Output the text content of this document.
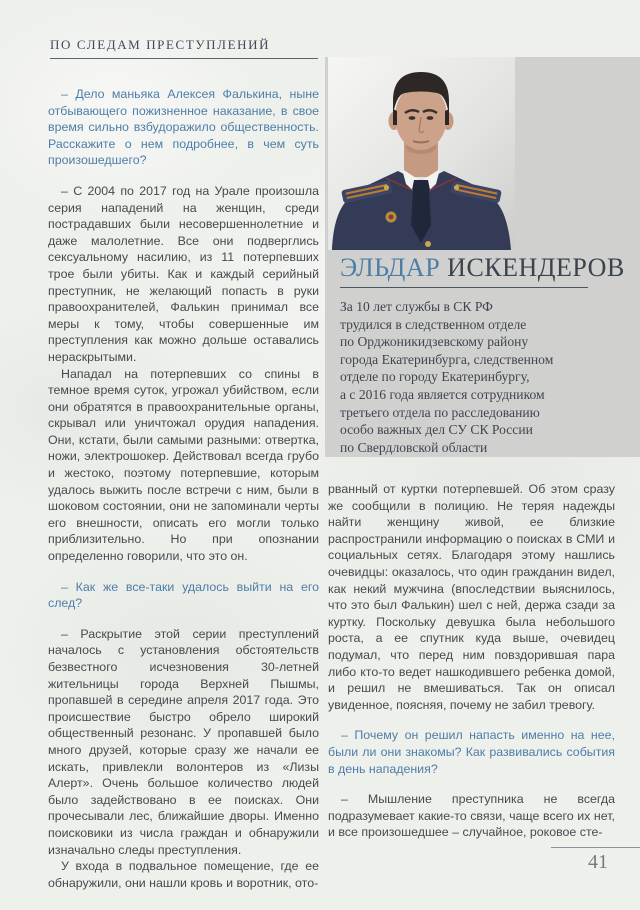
ПО СЛЕДАМ ПРЕСТУПЛЕНИЙ

– Дело маньяка Алексея Фалькина, ныне отбывающего пожизненное наказание, в свое время сильно взбудоражило общественность. Расскажите о нем подробнее, в чем суть произошедшего?

– С 2004 по 2017 год на Урале произошла серия нападений на женщин, среди пострадавших были несовершеннолетние и даже малолетние. Все они подверглись сексуальному насилию, из 11 потерпевших трое были убиты. Как и каждый серийный преступник, не желающий попасть в руки правоохранителей, Фалькин принимал все меры к тому, чтобы совершенные им преступления как можно дольше оставались нераскрытыми.

Нападал на потерпевших со спины в темное время суток, угрожал убийством, если они обратятся в правоохранительные органы, скрывал или уничтожал орудия нападения. Они, кстати, были самыми разными: отвертка, ножи, электрошокер. Действовал всегда грубо и жестоко, поэтому потерпевшие, которым удалось выжить после встречи с ним, были в шоковом состоянии, они не запоминали черты его внешности, описать его могли только приблизительно. Но при опознании определенно говорили, что это он.

– Как же все-таки удалось выйти на его след?

– Раскрытие этой серии преступлений началось с установления обстоятельств безвестного исчезновения 30-летней жительницы города Верхней Пышмы, пропавшей в середине апреля 2017 года. Это происшествие быстро обрело широкий общественный резонанс. У пропавшей было много друзей, которые сразу же начали ее искать, привлекли волонтеров из «Лизы Алерт». Очень большое количество людей было задействовано в ее поисках. Они прочесывали лес, ближайшие дворы. Именно поисковики из числа граждан и обнаружили изначально следы преступления.

У входа в подвальное помещение, где ее обнаружили, они нашли кровь и воротник, ото-

ЭЛЬДАР ИСКЕНДЕРОВ
За 10 лет службы в СК РФ
трудился в следственном отделе
по Орджоникидзевскому району
города Екатеринбурга, следственном
отделе по городу Екатеринбургу,
а с 2016 года является сотрудником
третьего отдела по расследованию
особо важных дел СУ СК России
по Свердловской области

рванный от куртки потерпевшей. Об этом сразу же сообщили в полицию. Не теряя надежды найти женщину живой, ее близкие распространили информацию о поисках в СМИ и социальных сетях. Благодаря этому нашлись очевидцы: оказалось, что один гражданин видел, как некий мужчина (впоследствии выяснилось, что это был Фалькин) шел с ней, держа сзади за куртку. Поскольку девушка была небольшого роста, а ее спутник куда выше, очевидец подумал, что перед ним повздорившая пара либо кто-то ведет нашкодившего ребенка домой, и решил не вмешиваться. Так он описал увиденное, поясняя, почему не забил тревогу.

– Почему он решил напасть именно на нее, были ли они знакомы? Как развивались события в день нападения?

– Мышление преступника не всегда подразумевает какие-то связи, чаще всего их нет, и все произошедшее – случайное, роковое сте-

41
